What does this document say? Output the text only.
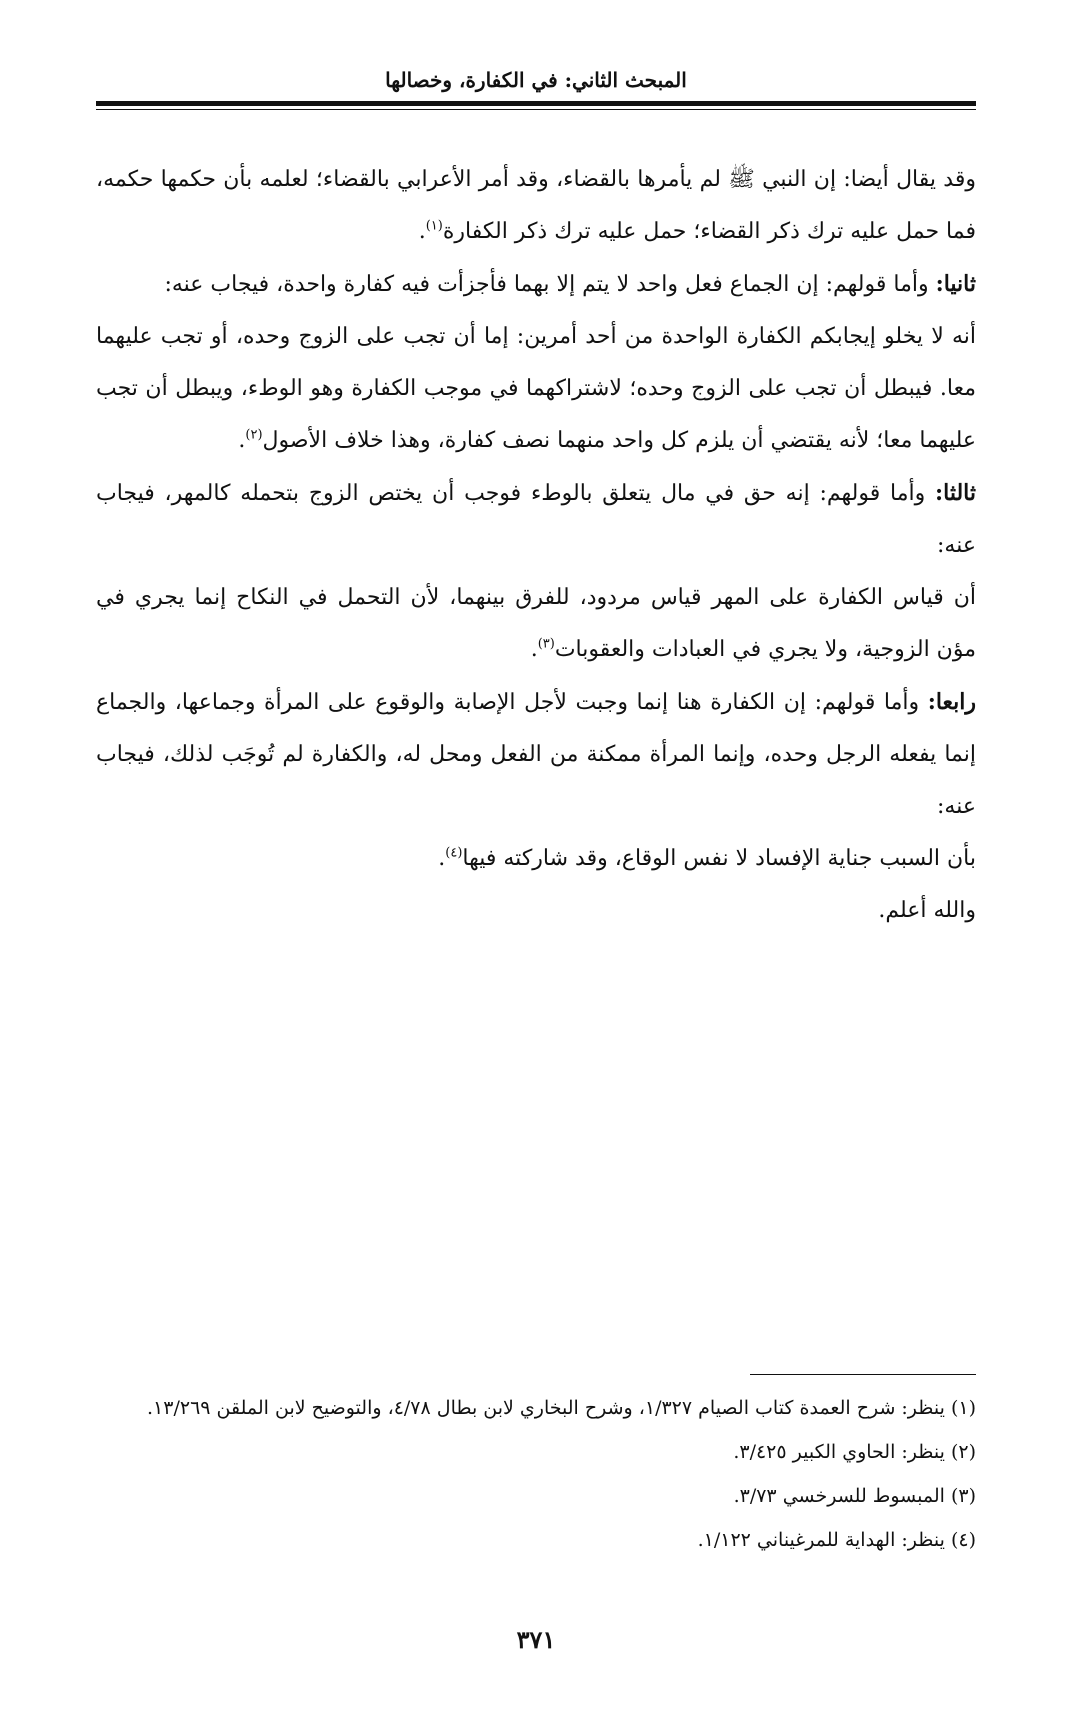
المبحث الثاني: في الكفارة، وخصالها

وقد يقال أيضا: إن النبي ﷺ لم يأمرها بالقضاء، وقد أمر الأعرابي بالقضاء؛ لعلمه بأن حكمها حكمه، فما حمل عليه ترك ذكر القضاء؛ حمل عليه ترك ذكر الكفارة$^{(١)}$.

ثانيا: وأما قولهم: إن الجماع فعل واحد لا يتم إلا بهما فأجزأت فيه كفارة واحدة، فيجاب عنه:

أنه لا يخلو إيجابكم الكفارة الواحدة من أحد أمرين: إما أن تجب على الزوج وحده، أو تجب عليهما معا. فيبطل أن تجب على الزوج وحده؛ لاشتراكهما في موجب الكفارة وهو الوطء، ويبطل أن تجب عليهما معا؛ لأنه يقتضي أن يلزم كل واحد منهما نصف كفارة، وهذا خلاف الأصول$^{(٢)}$.

ثالثا: وأما قولهم: إنه حق في مال يتعلق بالوطء فوجب أن يختص الزوج بتحمله كالمهر، فيجاب عنه:

أن قياس الكفارة على المهر قياس مردود، للفرق بينهما، لأن التحمل في النكاح إنما يجري في مؤن الزوجية، ولا يجري في العبادات والعقوبات$^{(٣)}$.

رابعا: وأما قولهم: إن الكفارة هنا إنما وجبت لأجل الإصابة والوقوع على المرأة وجماعها، والجماع إنما يفعله الرجل وحده، وإنما المرأة ممكنة من الفعل ومحل له، والكفارة لم تُوجَب لذلك، فيجاب عنه:

بأن السبب جناية الإفساد لا نفس الوقاع، وقد شاركته فيها$^{(٤)}$.

والله أعلم.

(١) ينظر: شرح العمدة كتاب الصيام ١/٣٢٧، وشرح البخاري لابن بطال ٤/٧٨، والتوضيح لابن الملقن ١٣/٢٦٩.

(٢) ينظر: الحاوي الكبير ٣/٤٢٥.

(٣) المبسوط للسرخسي ٣/٧٣.

(٤) ينظر: الهداية للمرغيناني ١/١٢٢.

٣٧١
